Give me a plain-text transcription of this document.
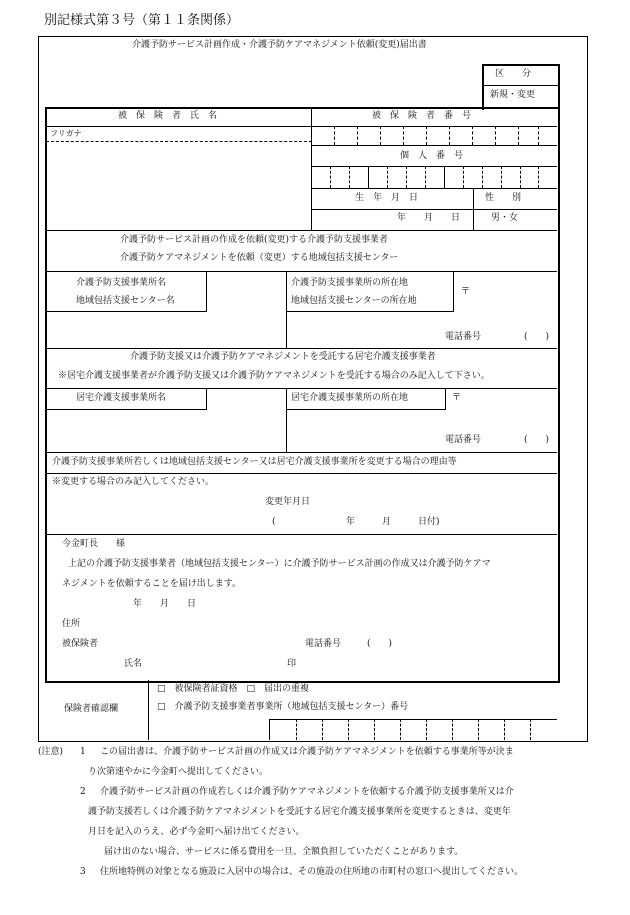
別記様式第３号（第１１条関係）
介護予防サービス計画作成・介護予防ケアマネジメント依頼(変更)届出書
区　　分
新規・変更
被　保　険　者　氏　名	被　保　険　者　番　号
フリガナ
個　人　番　号
生　年　月　日	性　　別
年　　月　　日	男・女
介護予防サービス計画の作成を依頼(変更)する介護予防支援事業者
介護予防ケアマネジメントを依頼（変更）する地域包括支援センター
介護予防支援事業所名
地域包括支援センター名
介護予防支援事業所の所在地
地域包括支援センターの所在地
〒
電話番号	(　　)
介護予防支援又は介護予防ケアマネジメントを受託する居宅介護支援事業者
※居宅介護支援事業者が介護予防支援又は介護予防ケアマネジメントを受託する場合のみ記入して下さい。
居宅介護支援事業所名	居宅介護支援事業所の所在地	〒
電話番号	(　　)
介護予防支援事業所若しくは地域包括支援センター又は居宅介護支援事業所を変更する場合の理由等
※変更する場合のみ記入してください。
変更年月日
(	年　　　月　　　日付)
今金町長　　様
上記の介護予防支援事業者（地域包括支援センター）に介護予防サービス計画の作成又は介護予防ケアマ
ネジメントを依頼することを届け出します。
年　　月　　日
住所
被保険者	電話番号	(　　)
氏名	印
保険者確認欄
□　被保険者証資格　□　届出の重複
□　介護予防支援事業者事業所（地域包括支援センター）番号
(注意) 1 この届出書は、介護予防サービス計画の作成又は介護予防ケアマネジメントを依頼する事業所等が決ま
り次第速やかに今金町へ提出してください。
2 介護予防サービス計画の作成若しくは介護予防ケアマネジメントを依頼する介護予防支援事業所又は介
護予防支援若しくは介護予防ケアマネジメントを受託する居宅介護支援事業所を変更するときは、変更年
月日を記入のうえ、必ず今金町へ届け出てください。
届け出のない場合、サービスに係る費用を一旦、全額負担していただくことがあります。
3 住所地特例の対象となる施設に入居中の場合は、その施設の住所地の市町村の窓口へ提出してください。
